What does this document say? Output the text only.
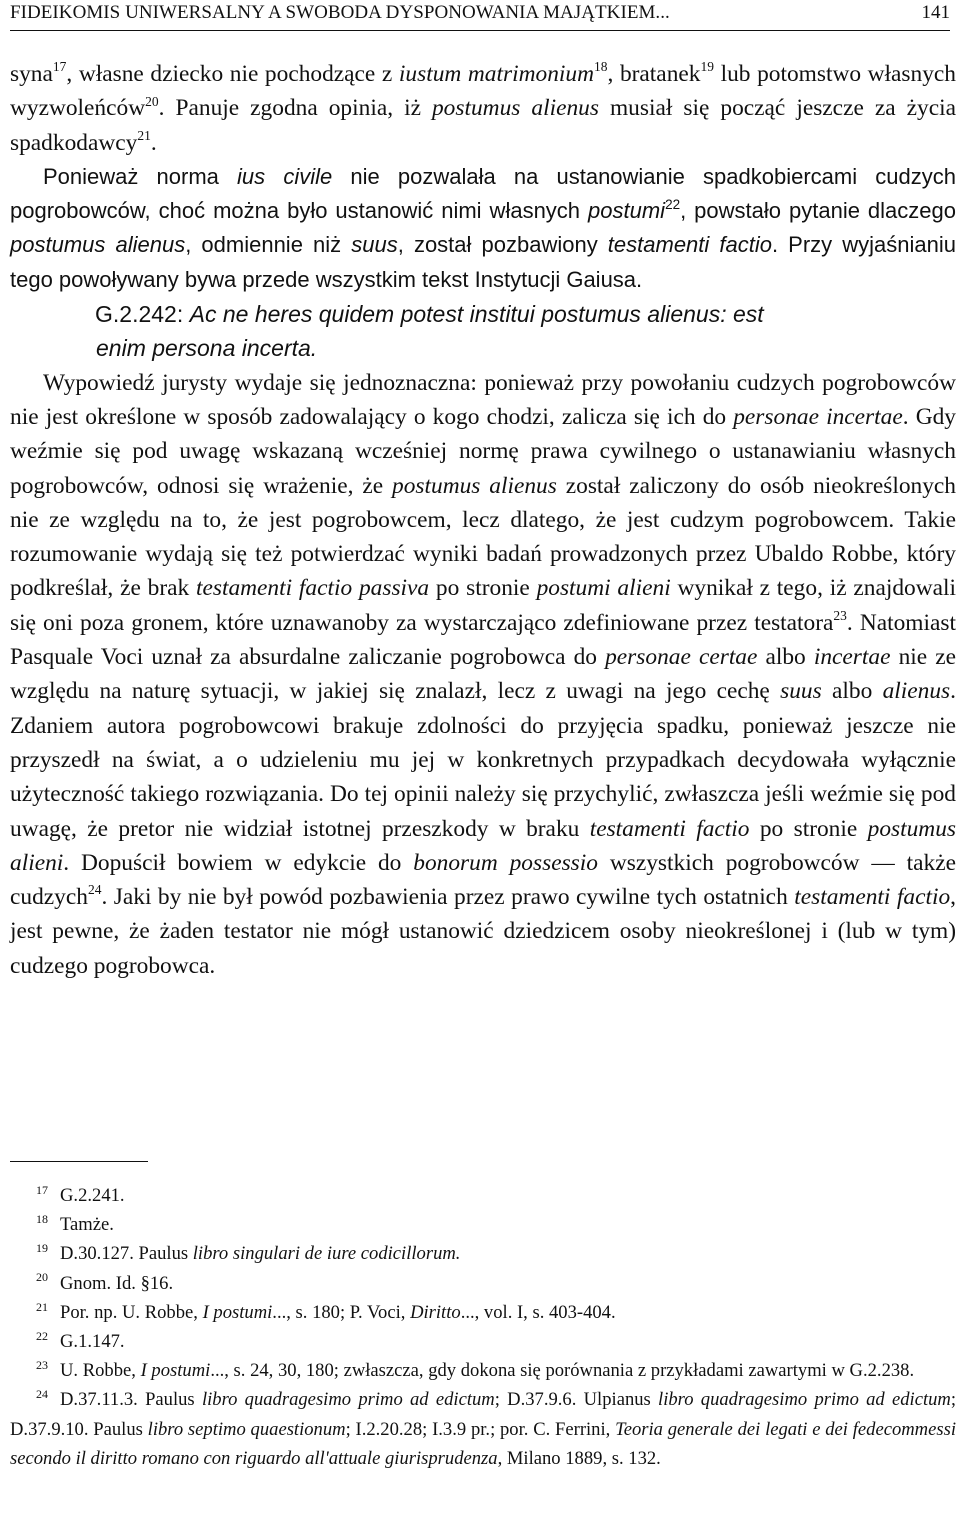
FIDEIKOMIS UNIWERSALNY A SWOBODA DYSPONOWANIA MAJĄTKIEM...	141

syna$^{17}$, własne dziecko nie pochodzące z iustum matrimonium$^{18}$, bratanek$^{19}$ lub potomstwo własnych wyzwoleńców$^{20}$. Panuje zgodna opinia, iż postumus alienus musiał się począć jeszcze za życia spadkodawcy$^{21}$.

Ponieważ norma ius civile nie pozwalała na ustanowianie spadkobiercami cudzych pogrobowców, choć można było ustanowić nimi własnych postumi$^{22}$, powstało pytanie dlaczego postumus alienus, odmiennie niż suus, został pozbawiony testamenti factio. Przy wyjaśnianiu tego powoływany bywa przede wszystkim tekst Instytucji Gaiusa.

G.2.242: Ac ne heres quidem potest institui postumus alienus: est

enim persona incerta.

Wypowiedź jurysty wydaje się jednoznaczna: ponieważ przy powołaniu cudzych pogrobowców nie jest określone w sposób zadowalający o kogo chodzi, zalicza się ich do personae incertae. Gdy weźmie się pod uwagę wskazaną wcześniej normę prawa cywilnego o ustanawianiu własnych pogrobowców, odnosi się wrażenie, że postumus alienus został zaliczony do osób nieokreślonych nie ze względu na to, że jest pogrobowcem, lecz dlatego, że jest cudzym pogrobowcem. Takie rozumowanie wydają się też potwierdzać wyniki badań prowadzonych przez Ubaldo Robbe, który podkreślał, że brak testamenti factio passiva po stronie postumi alieni wynikał z tego, iż znajdowali się oni poza gronem, które uznawanoby za wystarczająco zdefiniowane przez testatora$^{23}$. Natomiast Pasquale Voci uznał za absurdalne zaliczanie pogrobowca do personae certae albo incertae nie ze względu na naturę sytuacji, w jakiej się znalazł, lecz z uwagi na jego cechę suus albo alienus. Zdaniem autora pogrobowcowi brakuje zdolności do przyjęcia spadku, ponieważ jeszcze nie przyszedł na świat, a o udzieleniu mu jej w konkretnych przypadkach decydowała wyłącznie użyteczność takiego rozwiązania. Do tej opinii należy się przychylić, zwłaszcza jeśli weźmie się pod uwagę, że pretor nie widział istotnej przeszkody w braku testamenti factio po stronie postumus alieni. Dopuścił bowiem w edykcie do bonorum possessio wszystkich pogrobowców — także cudzych$^{24}$. Jaki by nie był powód pozbawienia przez prawo cywilne tych ostatnich testamenti factio, jest pewne, że żaden testator nie mógł ustanowić dziedzicem osoby nieokreślonej i (lub w tym) cudzego pogrobowca.

17 G.2.241.

18 Tamże.

19 D.30.127. Paulus libro singulari de iure codicillorum.

20 Gnom. Id. §16.

21 Por. np. U. Robbe, I postumi..., s. 180; P. Voci, Diritto..., vol. I, s. 403-404.

22 G.1.147.

23 U. Robbe, I postumi..., s. 24, 30, 180; zwłaszcza, gdy dokona się porównania z przykładami zawartymi w G.2.238.

24 D.37.11.3. Paulus libro quadragesimo primo ad edictum; D.37.9.6. Ulpianus libro quadragesimo primo ad edictum; D.37.9.10. Paulus libro septimo quaestionum; I.2.20.28; I.3.9 pr.; por. C. Ferrini, Teoria generale dei legati e dei fedecommessi secondo il diritto romano con riguardo all'attuale giurisprudenza, Milano 1889, s. 132.
